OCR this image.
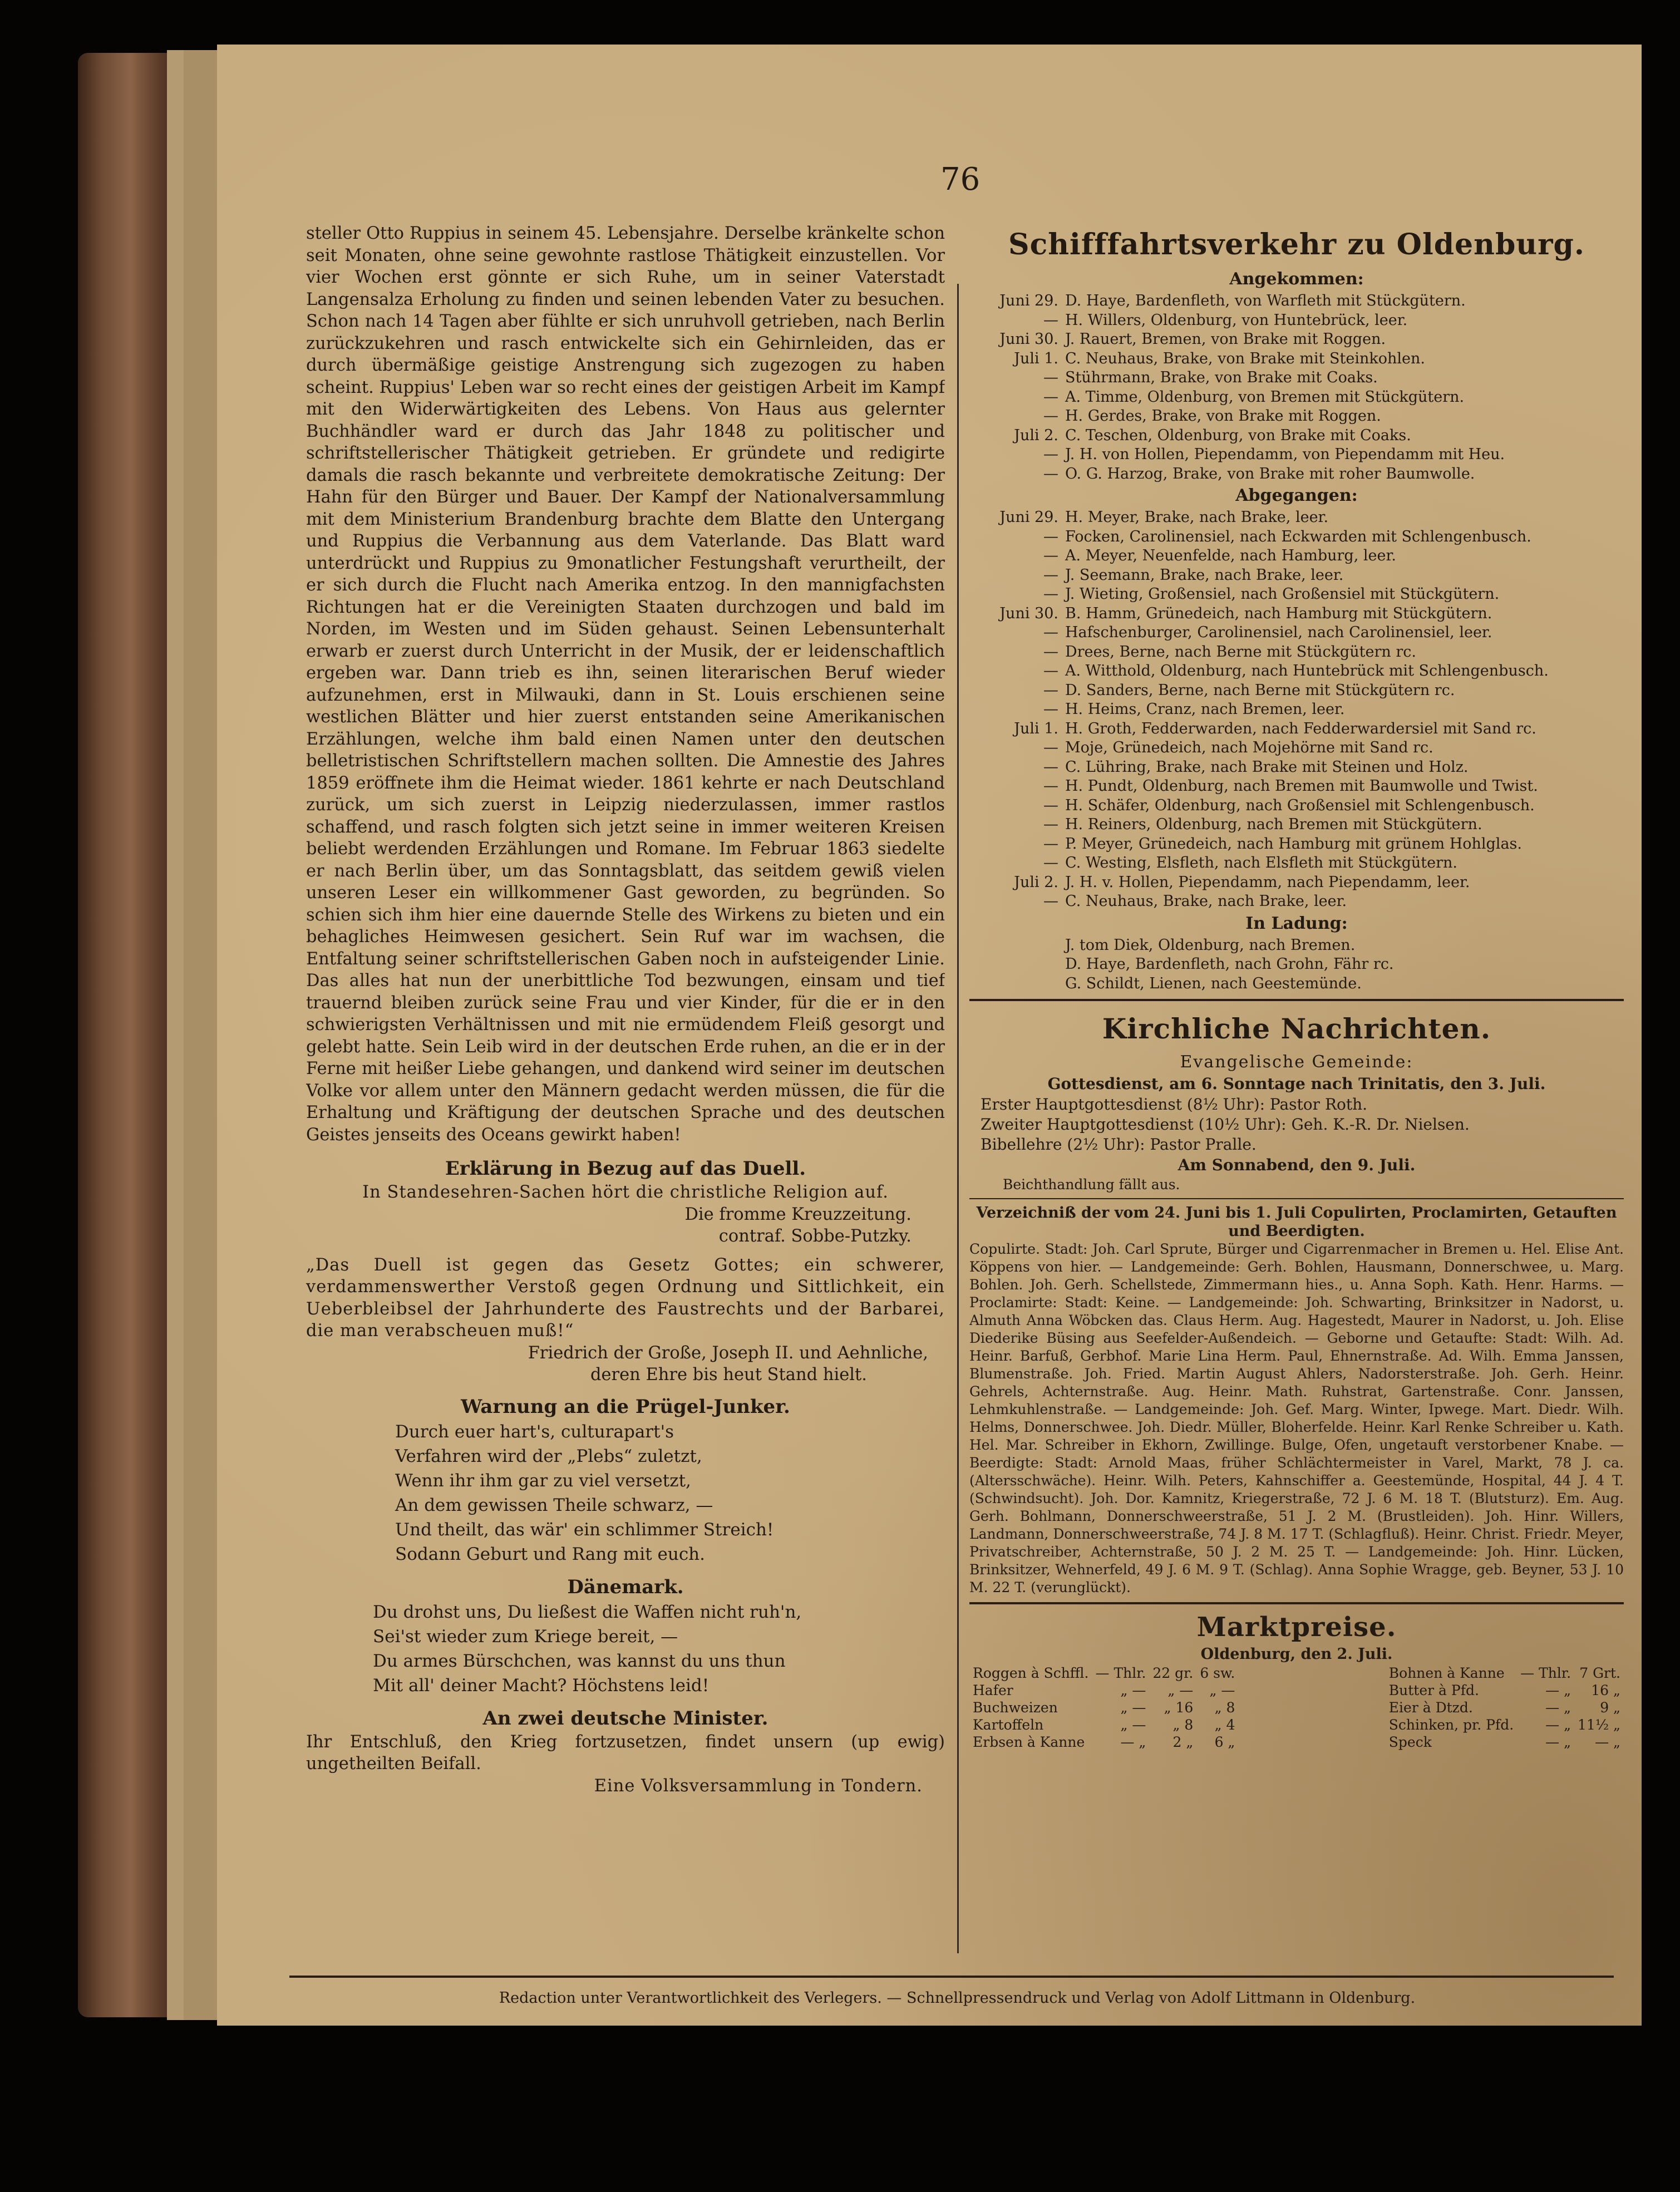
76

steller Otto Ruppius in seinem 45. Lebensjahre. Derselbe kränkelte schon seit Monaten, ohne seine gewohnte rastlose Thätigkeit einzustellen. Vor vier Wochen erst gönnte er sich Ruhe, um in seiner Vaterstadt Langensalza Erholung zu finden und seinen lebenden Vater zu besuchen. Schon nach 14 Tagen aber fühlte er sich unruhvoll getrieben, nach Berlin zurückzukehren und rasch entwickelte sich ein Gehirnleiden, das er durch übermäßige geistige Anstrengung sich zugezogen zu haben scheint. Ruppius' Leben war so recht eines der geistigen Arbeit im Kampf mit den Widerwärtigkeiten des Lebens. Von Haus aus gelernter Buchhändler ward er durch das Jahr 1848 zu politischer und schriftstellerischer Thätigkeit getrieben. Er gründete und redigirte damals die rasch bekannte und verbreitete demokratische Zeitung: Der Hahn für den Bürger und Bauer. Der Kampf der Nationalversammlung mit dem Ministerium Brandenburg brachte dem Blatte den Untergang und Ruppius die Verbannung aus dem Vaterlande. Das Blatt ward unterdrückt und Ruppius zu 9monatlicher Festungshaft verurtheilt, der er sich durch die Flucht nach Amerika entzog. In den mannigfachsten Richtungen hat er die Vereinigten Staaten durchzogen und bald im Norden, im Westen und im Süden gehaust. Seinen Lebensunterhalt erwarb er zuerst durch Unterricht in der Musik, der er leidenschaftlich ergeben war. Dann trieb es ihn, seinen literarischen Beruf wieder aufzunehmen, erst in Milwauki, dann in St. Louis erschienen seine westlichen Blätter und hier zuerst entstanden seine Amerikanischen Erzählungen, welche ihm bald einen Namen unter den deutschen belletristischen Schriftstellern machen sollten. Die Amnestie des Jahres 1859 eröffnete ihm die Heimat wieder. 1861 kehrte er nach Deutschland zurück, um sich zuerst in Leipzig niederzulassen, immer rastlos schaffend, und rasch folgten sich jetzt seine in immer weiteren Kreisen beliebt werdenden Erzählungen und Romane. Im Februar 1863 siedelte er nach Berlin über, um das Sonntagsblatt, das seitdem gewiß vielen unseren Leser ein willkommener Gast geworden, zu begründen. So schien sich ihm hier eine dauernde Stelle des Wirkens zu bieten und ein behagliches Heimwesen gesichert. Sein Ruf war im wachsen, die Entfaltung seiner schriftstellerischen Gaben noch in aufsteigender Linie. Das alles hat nun der unerbittliche Tod bezwungen, einsam und tief trauernd bleiben zurück seine Frau und vier Kinder, für die er in den schwierigsten Verhältnissen und mit nie ermüdendem Fleiß gesorgt und gelebt hatte. Sein Leib wird in der deutschen Erde ruhen, an die er in der Ferne mit heißer Liebe gehangen, und dankend wird seiner im deutschen Volke vor allem unter den Männern gedacht werden müssen, die für die Erhaltung und Kräftigung der deutschen Sprache und des deutschen Geistes jenseits des Oceans gewirkt haben!

Erklärung in Bezug auf das Duell.

In Standesehren-Sachen hört die christliche Religion auf.

Die fromme Kreuzzeitung.

contraf. Sobbe-Putzky.

„Das Duell ist gegen das Gesetz Gottes; ein schwerer, verdammenswerther Verstoß gegen Ordnung und Sittlichkeit, ein Ueberbleibsel der Jahrhunderte des Faustrechts und der Barbarei, die man verabscheuen muß!“

Friedrich der Große, Joseph II. und Aehnliche,

deren Ehre bis heut Stand hielt.

Warnung an die Prügel-Junker.

Durch euer hart's, culturapart's

Verfahren wird der „Plebs“ zuletzt,

Wenn ihr ihm gar zu viel versetzt,

An dem gewissen Theile schwarz, —

Und theilt, das wär' ein schlimmer Streich!

Sodann Geburt und Rang mit euch.

Dänemark.

Du drohst uns, Du ließest die Waffen nicht ruh'n,

Sei'st wieder zum Kriege bereit, —

Du armes Bürschchen, was kannst du uns thun

Mit all' deiner Macht? Höchstens leid!

An zwei deutsche Minister.

Ihr Entschluß, den Krieg fortzusetzen, findet unsern (up ewig) ungetheilten Beifall.

Eine Volksversammlung in Tondern.

Schifffahrtsverkehr zu Oldenburg.

Angekommen:

Juni 29. D. Haye, Bardenfleth, von Warfleth mit Stückgütern.

— H. Willers, Oldenburg, von Huntebrück, leer.

Juni 30. J. Rauert, Bremen, von Brake mit Roggen.

Juli 1. C. Neuhaus, Brake, von Brake mit Steinkohlen.

— Stührmann, Brake, von Brake mit Coaks.

— A. Timme, Oldenburg, von Bremen mit Stückgütern.

— H. Gerdes, Brake, von Brake mit Roggen.

Juli 2. C. Teschen, Oldenburg, von Brake mit Coaks.

— J. H. von Hollen, Piependamm, von Piependamm mit Heu.

— O. G. Harzog, Brake, von Brake mit roher Baumwolle.

Abgegangen:

Juni 29. H. Meyer, Brake, nach Brake, leer.

— Focken, Carolinensiel, nach Eckwarden mit Schlengenbusch.

— A. Meyer, Neuenfelde, nach Hamburg, leer.

— J. Seemann, Brake, nach Brake, leer.

— J. Wieting, Großensiel, nach Großensiel mit Stückgütern.

Juni 30. B. Hamm, Grünedeich, nach Hamburg mit Stückgütern.

— Hafschenburger, Carolinensiel, nach Carolinensiel, leer.

— Drees, Berne, nach Berne mit Stückgütern rc.

— A. Witthold, Oldenburg, nach Huntebrück mit Schlengenbusch.

— D. Sanders, Berne, nach Berne mit Stückgütern rc.

— H. Heims, Cranz, nach Bremen, leer.

Juli 1. H. Groth, Fedderwarden, nach Fedderwardersiel mit Sand rc.

— Moje, Grünedeich, nach Mojehörne mit Sand rc.

— C. Lühring, Brake, nach Brake mit Steinen und Holz.

— H. Pundt, Oldenburg, nach Bremen mit Baumwolle und Twist.

— H. Schäfer, Oldenburg, nach Großensiel mit Schlengenbusch.

— H. Reiners, Oldenburg, nach Bremen mit Stückgütern.

— P. Meyer, Grünedeich, nach Hamburg mit grünem Hohlglas.

— C. Westing, Elsfleth, nach Elsfleth mit Stückgütern.

Juli 2. J. H. v. Hollen, Piependamm, nach Piependamm, leer.

— C. Neuhaus, Brake, nach Brake, leer.

In Ladung:

J. tom Diek, Oldenburg, nach Bremen.

D. Haye, Bardenfleth, nach Grohn, Fähr rc.

G. Schildt, Lienen, nach Geestemünde.

Kirchliche Nachrichten.

Evangelische Gemeinde:

Gottesdienst, am 6. Sonntage nach Trinitatis, den 3. Juli.

Erster Hauptgottesdienst (8½ Uhr): Pastor Roth.

Zweiter Hauptgottesdienst (10½ Uhr): Geh. K.-R. Dr. Nielsen.

Bibellehre (2½ Uhr): Pastor Pralle.

Am Sonnabend, den 9. Juli.

Beichthandlung fällt aus.

Verzeichniß der vom 24. Juni bis 1. Juli Copulirten, Proclamirten, Getauften und Beerdigten.

Copulirte. Stadt: Joh. Carl Sprute, Bürger und Cigarrenmacher in Bremen u. Hel. Elise Ant. Köppens von hier. — Landgemeinde: Gerh. Bohlen, Hausmann, Donnerschwee, u. Marg. Bohlen. Joh. Gerh. Schellstede, Zimmermann hies., u. Anna Soph. Kath. Henr. Harms. — Proclamirte: Stadt: Keine. — Landgemeinde: Joh. Schwarting, Brinksitzer in Nadorst, u. Almuth Anna Wöbcken das. Claus Herm. Aug. Hagestedt, Maurer in Nadorst, u. Joh. Elise Diederike Büsing aus Seefelder-Außendeich. — Geborne und Getaufte: Stadt: Wilh. Ad. Heinr. Barfuß, Gerbhof. Marie Lina Herm. Paul, Ehnernstraße. Ad. Wilh. Emma Janssen, Blumenstraße. Joh. Fried. Martin August Ahlers, Nadorsterstraße. Joh. Gerh. Heinr. Gehrels, Achternstraße. Aug. Heinr. Math. Ruhstrat, Gartenstraße. Conr. Janssen, Lehmkuhlenstraße. — Landgemeinde: Joh. Gef. Marg. Winter, Ipwege. Mart. Diedr. Wilh. Helms, Donnerschwee. Joh. Diedr. Müller, Bloherfelde. Heinr. Karl Renke Schreiber u. Kath. Hel. Mar. Schreiber in Ekhorn, Zwillinge. Bulge, Ofen, ungetauft verstorbener Knabe. — Beerdigte: Stadt: Arnold Maas, früher Schlächtermeister in Varel, Markt, 78 J. ca. (Altersschwäche). Heinr. Wilh. Peters, Kahnschiffer a. Geestemünde, Hospital, 44 J. 4 T. (Schwindsucht). Joh. Dor. Kamnitz, Kriegerstraße, 72 J. 6 M. 18 T. (Blutsturz). Em. Aug. Gerh. Bohlmann, Donnerschweerstraße, 51 J. 2 M. (Brustleiden). Joh. Hinr. Willers, Landmann, Donnerschweerstraße, 74 J. 8 M. 17 T. (Schlagfluß). Heinr. Christ. Friedr. Meyer, Privatschreiber, Achternstraße, 50 J. 2 M. 25 T. — Landgemeinde: Joh. Hinr. Lücken, Brinksitzer, Wehnerfeld, 49 J. 6 M. 9 T. (Schlag). Anna Sophie Wragge, geb. Beyner, 53 J. 10 M. 22 T. (verunglückt).

Marktpreise.

Oldenburg, den 2. Juli.

Roggen à Schffl.	— Thlr.	22 gr.	6 sw.
Hafer	„ —	„ —	„ —
Buchweizen	„ —	„ 16	„ 8
Kartoffeln	„ —	„ 8	„ 4
Erbsen à Kanne	— „	2 „	6 „
Bohnen à Kanne	— Thlr.	7 Grt.
Butter à Pfd.	— „	16 „
Eier à Dtzd.	— „	9 „
Schinken, pr. Pfd.	— „	11½ „
Speck	— „	— „
Redaction unter Verantwortlichkeit des Verlegers. — Schnellpressendruck und Verlag von Adolf Littmann in Oldenburg.
